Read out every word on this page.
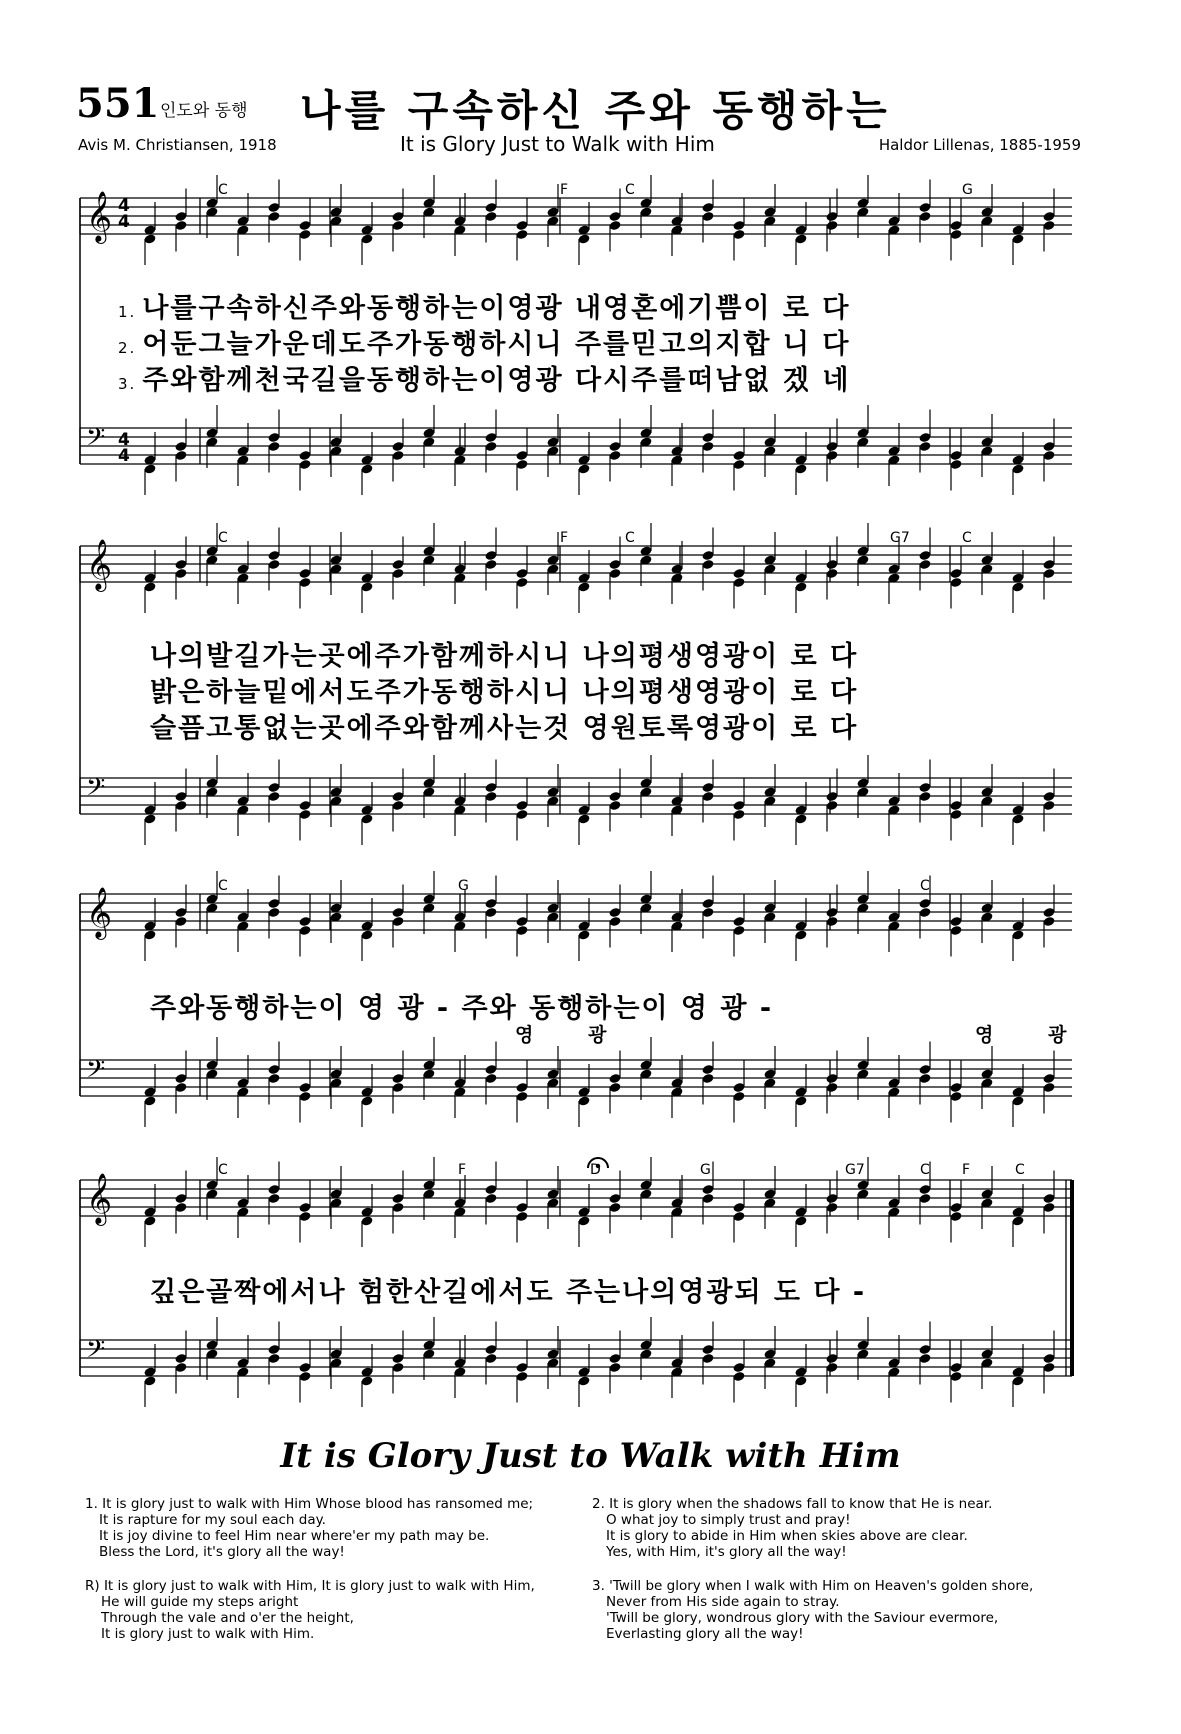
551 인도와 동행 나를 구속하신 주와 동행하는
Avis M. Christiansen, 1918	It is Glory Just to Walk with Him	Haldor Lillenas, 1885-1959
𝄞
𝄢
𝄞
𝄢
𝄞
𝄢
𝄞
𝄢
C	F	C	G
C	F	C	G7	C
C	G	C
C	F	D	G	G7	C F	C
4
4
4
4
1. 나를구속하신주와동행하는이영광 내영혼에기쁨이 로 다
2. 어둔그늘가운데도주가동행하시니 주를믿고의지합 니 다
3. 주와함께천국길을동행하는이영광 다시주를떠남없 겠 네
나의발길가는곳에주가함께하시니 나의평생영광이 로 다
밝은하늘밑에서도주가동행하시니 나의평생영광이 로 다
슬픔고통없는곳에주와함께사는것 영원토록영광이 로 다
주와동행하는이 영 광 - 주와 동행하는이 영 광 -
영 광	영 광
깊은골짝에서나 험한산길에서도 주는나의영광되 도 다 -
It is Glory Just to Walk with Him
1. It is glory just to walk with Him Whose blood has ransomed me;
It is rapture for my soul each day.
It is joy divine to feel Him near where'er my path may be.
Bless the Lord, it's glory all the way!
2. It is glory when the shadows fall to know that He is near.
O what joy to simply trust and pray!
It is glory to abide in Him when skies above are clear.
Yes, with Him, it's glory all the way!
R) It is glory just to walk with Him, It is glory just to walk with Him,
He will guide my steps aright
Through the vale and o'er the height,
It is glory just to walk with Him.
3. 'Twill be glory when I walk with Him on Heaven's golden shore,
Never from His side again to stray.
'Twill be glory, wondrous glory with the Saviour evermore,
Everlasting glory all the way!
